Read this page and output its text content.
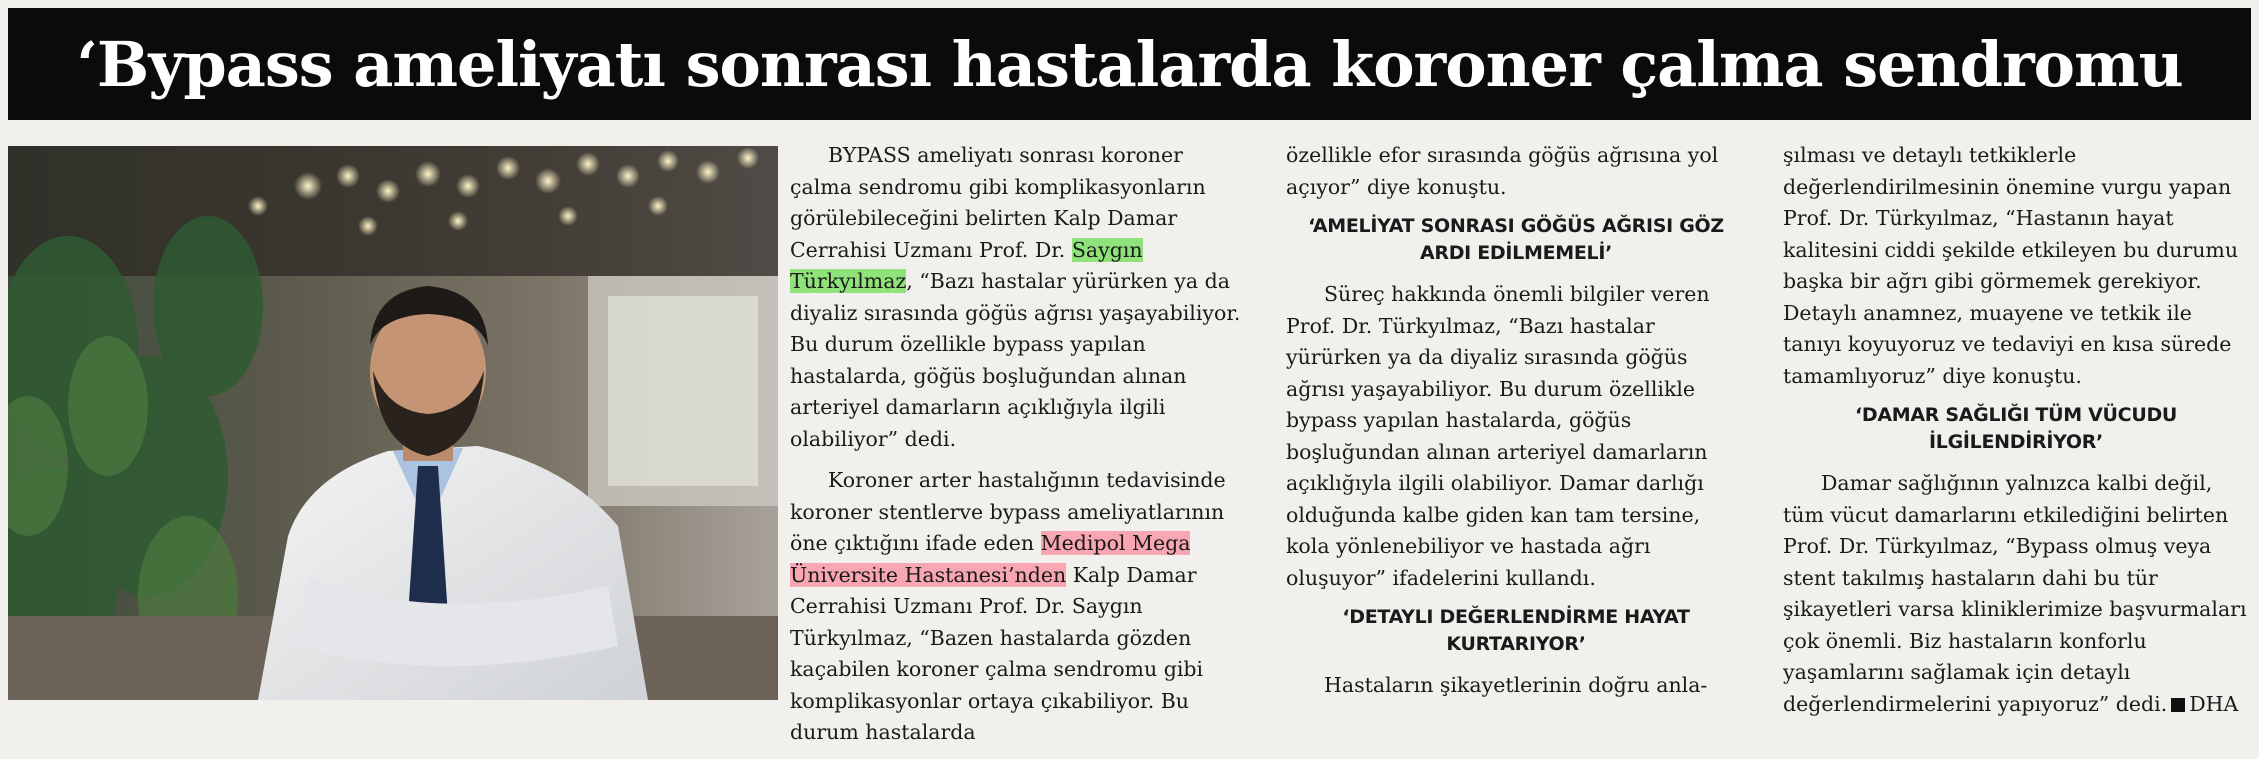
‘Bypass ameliyatı sonrası hastalarda koroner çalma sendromu

BYPASS ameliyatı sonrası koroner çalma sendromu gibi komplikasyonların görülebileceğini belirten Kalp Damar Cerrahisi Uzmanı Prof. Dr. Saygın Türkyılmaz, “Bazı hastalar yürürken ya da diyaliz sırasında göğüs ağrısı yaşayabiliyor. Bu durum özellikle bypass yapılan hastalarda, göğüs boşluğundan alınan arteriyel damarların açıklığıyla ilgili olabiliyor” dedi.

Koroner arter hastalığının tedavisinde koroner stentlerve bypass ameliyatlarının öne çıktığını ifade eden Medipol Mega Üniversite Hastanesi’nden Kalp Damar Cerrahisi Uzmanı Prof. Dr. Saygın Türkyılmaz, “Bazen hastalarda gözden kaçabilen koroner çalma sendromu gibi komplikasyonlar ortaya çıkabiliyor. Bu durum hastalarda

özellikle efor sırasında göğüs ağrısına yol açıyor” diye konuştu.

‘AMELİYAT SONRASI GÖĞÜS AĞRISI GÖZ ARDI EDİLMEMELİ’

Süreç hakkında önemli bilgiler veren Prof. Dr. Türkyılmaz, “Bazı hastalar yürürken ya da diyaliz sırasında göğüs ağrısı yaşayabiliyor. Bu durum özellikle bypass yapılan hastalarda, göğüs boşluğundan alınan arteriyel damarların açıklığıyla ilgili olabiliyor. Damar darlığı olduğunda kalbe giden kan tam tersine, kola yönlenebiliyor ve hastada ağrı oluşuyor” ifadelerini kullandı.

‘DETAYLI DEĞERLENDİRME HAYAT KURTARIYOR’

Hastaların şikayetlerinin doğru anla-

şılması ve detaylı tetkiklerle değerlendirilmesinin önemine vurgu yapan Prof. Dr. Türkyılmaz, “Hastanın hayat kalitesini ciddi şekilde etkileyen bu durumu başka bir ağrı gibi görmemek gerekiyor. Detaylı anamnez, muayene ve tetkik ile tanıyı koyuyoruz ve tedaviyi en kısa sürede tamamlıyoruz” diye konuştu.

‘DAMAR SAĞLIĞI TÜM VÜCUDU İLGİLENDİRİYOR’

Damar sağlığının yalnızca kalbi değil, tüm vücut damarlarını etkilediğini belirten Prof. Dr. Türkyılmaz, “Bypass olmuş veya stent takılmış hastaların dahi bu tür şikayetleri varsa kliniklerimize başvurmaları çok önemli. Biz hastaların konforlu yaşamlarını sağlamak için detaylı değerlendirmelerini yapıyoruz” dedi. DHA
